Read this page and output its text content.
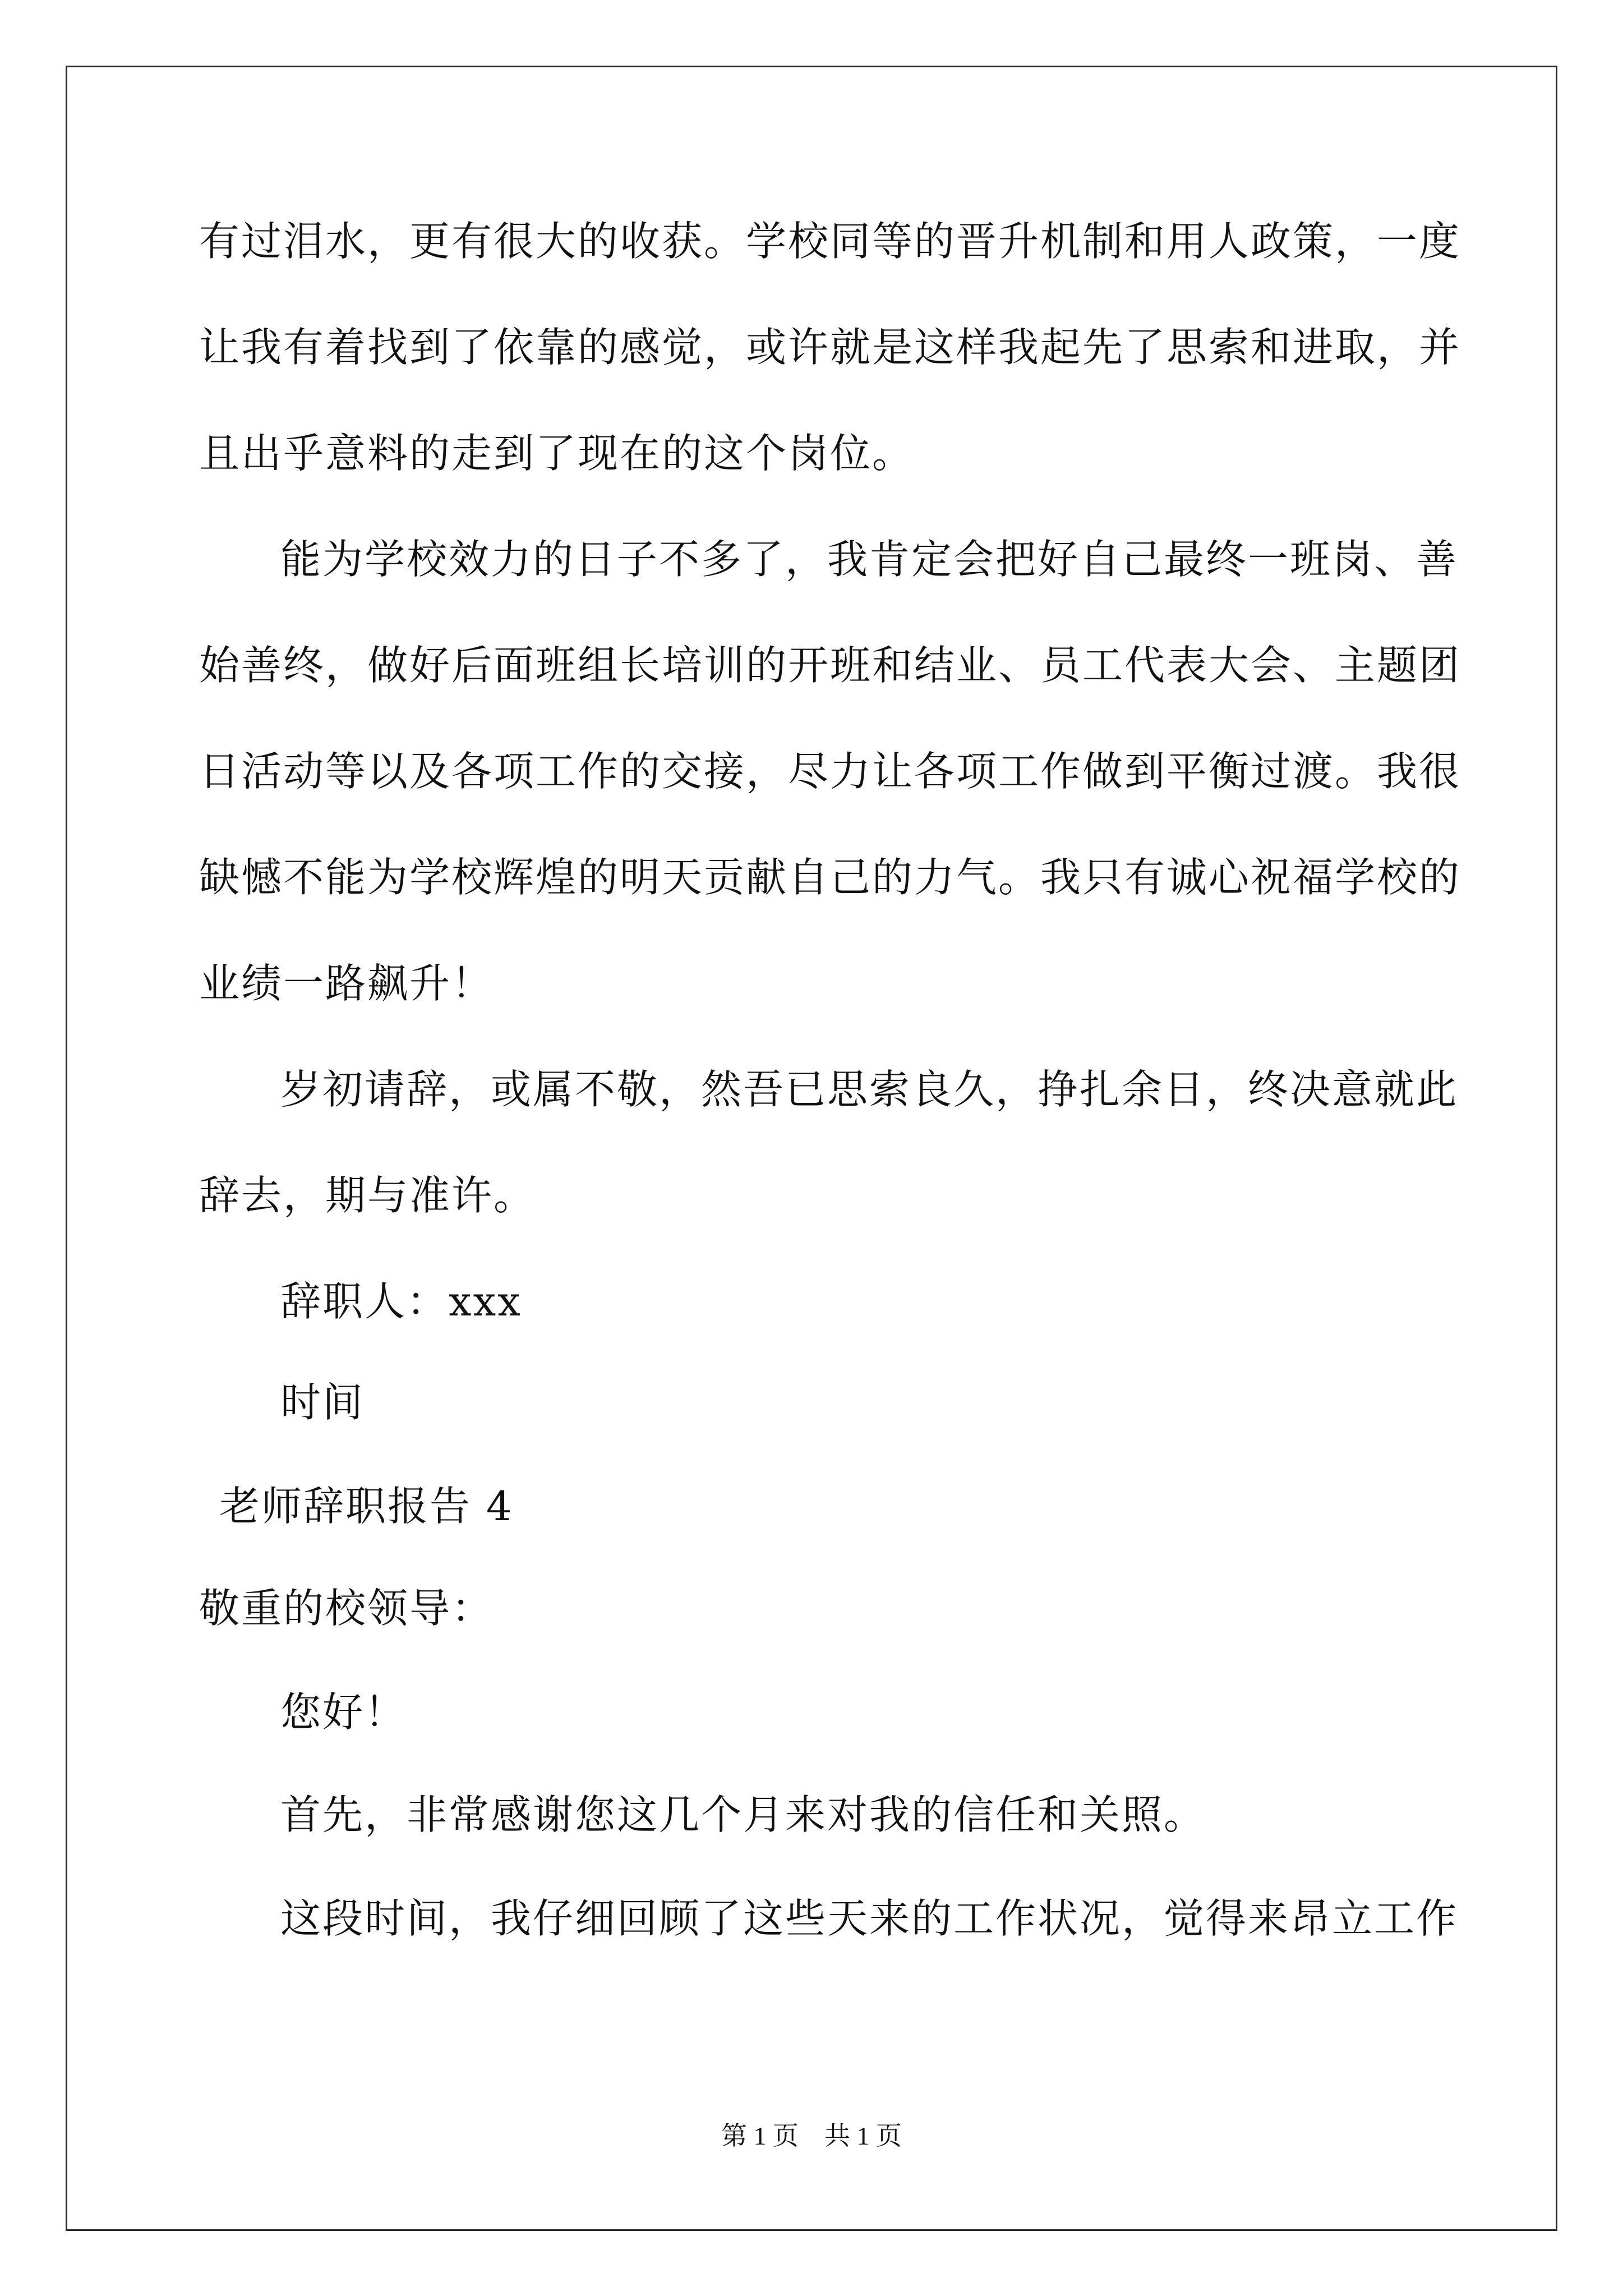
有过泪水，更有很大的收获。学校同等的晋升机制和用人政策，一度
让我有着找到了依靠的感觉，或许就是这样我起先了思索和进取，并
且出乎意料的走到了现在的这个岗位。
能为学校效力的日子不多了，我肯定会把好自己最终一班岗、善
始善终，做好后面班组长培训的开班和结业、员工代表大会、主题团
日活动等以及各项工作的交接，尽力让各项工作做到平衡过渡。我很
缺憾不能为学校辉煌的明天贡献自己的力气。我只有诚心祝福学校的
业绩一路飙升！
岁初请辞，或属不敬，然吾已思索良久，挣扎余日，终决意就此
辞去，期与准许。
辞职人：xxx
时间
老师辞职报告 4
敬重的校领导：
您好！
首先，非常感谢您这几个月来对我的信任和关照。
这段时间，我仔细回顾了这些天来的工作状况，觉得来昂立工作
第 1 页　共 1 页
